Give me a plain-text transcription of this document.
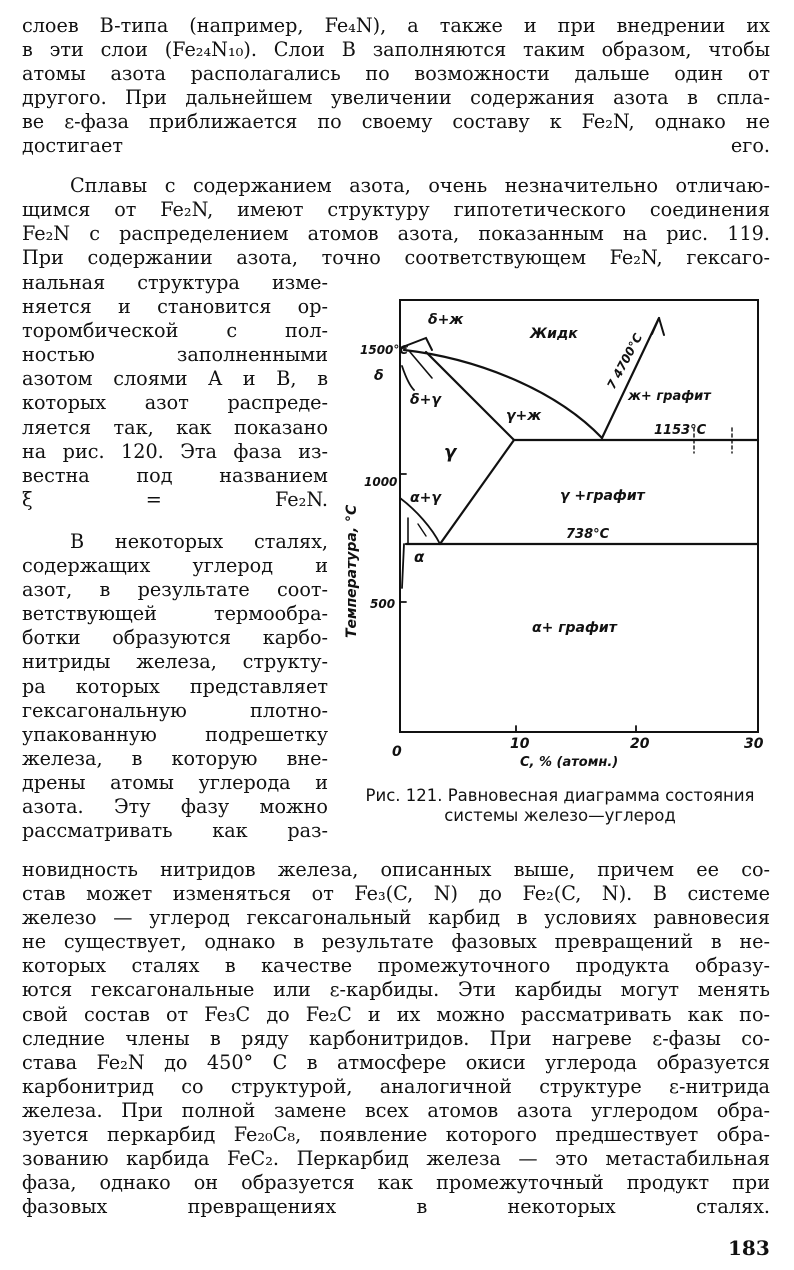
слоев B-типа (например, Fe₄N), а также и при внедрении их
в эти слои (Fe₂₄N₁₀). Слои B заполняются таким образом, чтобы
атомы азота располагались по возможности дальше один от
другого. При дальнейшем увеличении содержания азота в спла-
ве ε-фаза приближается по своему составу к Fe₂N, однако не
достигает его.
Сплавы с содержанием азота, очень незначительно отличаю-
щимся от Fe₂N, имеют структуру гипотетического соединения
Fe₂N с распределением атомов азота, показанным на рис. 119.
При содержании азота, точно соответствующем Fe₂N, гексаго-
нальная структура изме-
няется и становится ор-
торомбической с пол-
ностью заполненными
азотом слоями A и B, в
которых азот распреде-
ляется так, как показано
на рис. 120. Эта фаза из-
вестна под названием
ξ = Fe₂N.
В некоторых сталях,
содержащих углерод и
азот, в результате соот-
ветствующей термообра-
ботки образуются карбо-
нитриды железа, структу-
ра которых представляет
гексагональную плотно-
упакованную подрешетку
железа, в которую вне-
дрены атомы углерода и
азота. Эту фазу можно
рассматривать как раз-
новидность нитридов железа, описанных выше, причем ее со-
став может изменяться от Fe₃(C, N) до Fe₂(C, N). В системе
железо — углерод гексагональный карбид в условиях равновесия
не существует, однако в результате фазовых превращений в не-
которых сталях в качестве промежуточного продукта образу-
ются гексагональные или ε-карбиды. Эти карбиды могут менять
свой состав от Fe₃C до Fe₂C и их можно рассматривать как по-
следние члены в ряду карбонитридов. При нагреве ε-фазы со-
става Fe₂N до 450° C в атмосфере окиси углерода образуется
карбонитрид со структурой, аналогичной структуре ε-нитрида
железа. При полной замене всех атомов азота углеродом обра-
зуется перкарбид Fe₂₀C₈, появление которого предшествует обра-
зованию карбида FeC₂. Перкарбид железа — это метастабильная
фаза, однако он образуется как промежуточный продукт при
фазовых превращениях в некоторых сталях.
δ+ж
Жидк
1500°C
δ
δ+γ
γ+ж
γ
ж+ графит
7 4700°C
1153°C
1000
α+γ	γ +графит
738°C
α
500
α+ графит
0	10	20	30
C, % (атомн.)
Температура, °С
Рис. 121. Равновесная диаграмма состояния
системы железо—углерод
183
